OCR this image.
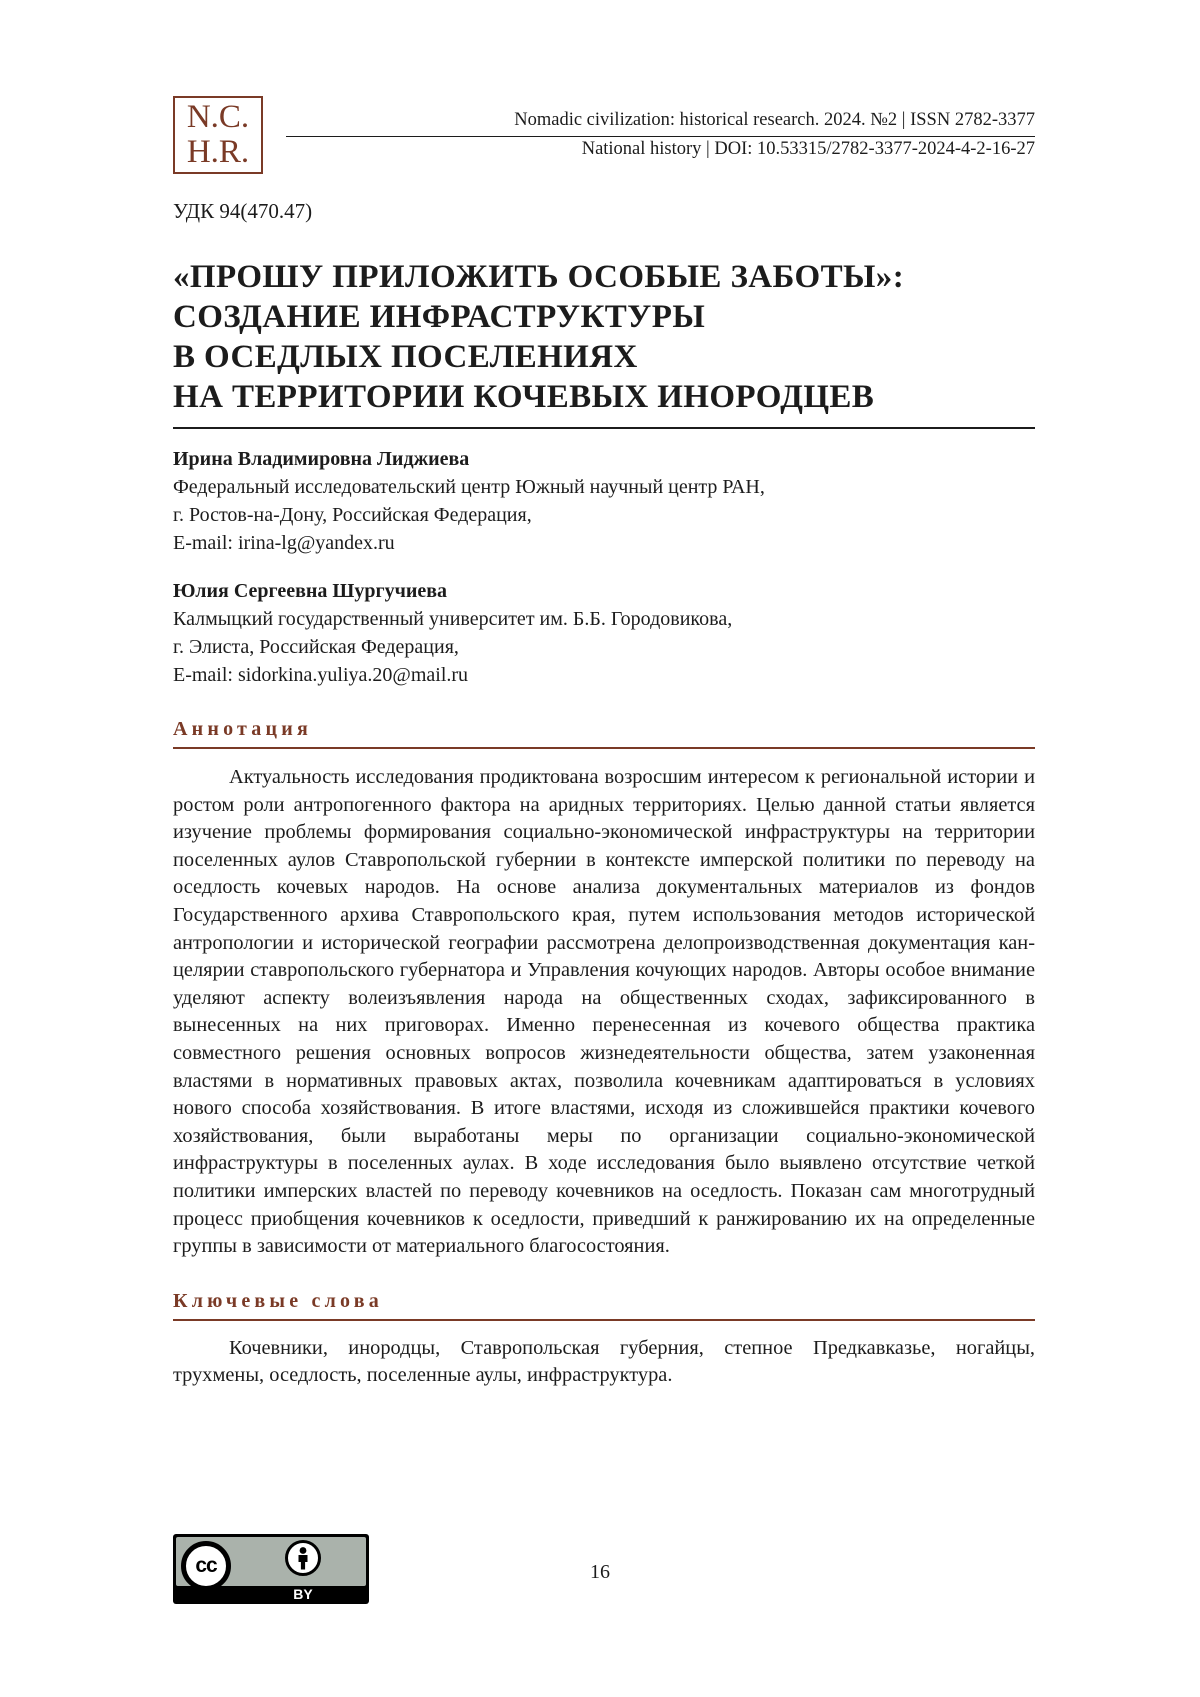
N.C.
H.R.
Nomadic civilization: historical research. 2024. №2 | ISSN 2782-3377
National history | DOI: 10.53315/2782-3377-2024-4-2-16-27
УДК 94(470.47)
«ПРОШУ ПРИЛОЖИТЬ ОСОБЫЕ ЗАБОТЫ»:
СОЗДАНИЕ ИНФРАСТРУКТУРЫ
В ОСЕДЛЫХ ПОСЕЛЕНИЯХ
НА ТЕРРИТОРИИ КОЧЕВЫХ ИНОРОДЦЕВ
Ирина Владимировна Лиджиева
Федеральный исследовательский центр Южный научный центр РАН,
г. Ростов-на-Дону, Российская Федерация,
E-mail: irina-lg@yandex.ru
Юлия Сергеевна Шургучиева
Калмыцкий государственный университет им. Б.Б. Городовикова,
г. Элиста, Российская Федерация,
E-mail: sidorkina.yuliya.20@mail.ru
Аннотация
Актуальность исследования продиктована возросшим интересом к региональной истории и ростом роли антропогенного фактора на аридных территориях. Целью данной статьи является изучение проблемы формирования социально-экономической инфраструктуры на территории поселенных аулов Ставропольской губернии в контексте имперской политики по переводу на оседлость кочевых народов. На основе анализа документальных материалов из фондов Государственного архива Ставропольского края, путем использования методов исторической антропологии и исторической географии рассмотрена делопроизводственная документация канцелярии ставропольского губернатора и Управления кочующих народов. Авторы особое внимание уделяют аспекту волеизъявления народа на общественных сходах, зафиксированного в вынесенных на них приговорах. Именно перенесенная из кочевого общества практика совместного решения основных вопросов жизнедеятельности общества, затем узаконенная властями в нормативных правовых актах, позволила кочевникам адаптироваться в условиях нового способа хозяйствования. В итоге властями, исходя из сложившейся практики кочевого хозяйствования, были выработаны меры по организации социально-экономической инфраструктуры в поселенных аулах. В ходе исследования было выявлено отсутствие четкой политики имперских властей по переводу кочевников на оседлость. Показан сам многотрудный процесс приобщения кочевников к оседлости, приведший к ранжированию их на определенные группы в зависимости от материального благосостояния.
Ключевые слова
Кочевники, инородцы, Ставропольская губерния, степное Предкавказье, ногайцы, трухмены, оседлость, поселенные аулы, инфраструктура.
cc
BY
16
